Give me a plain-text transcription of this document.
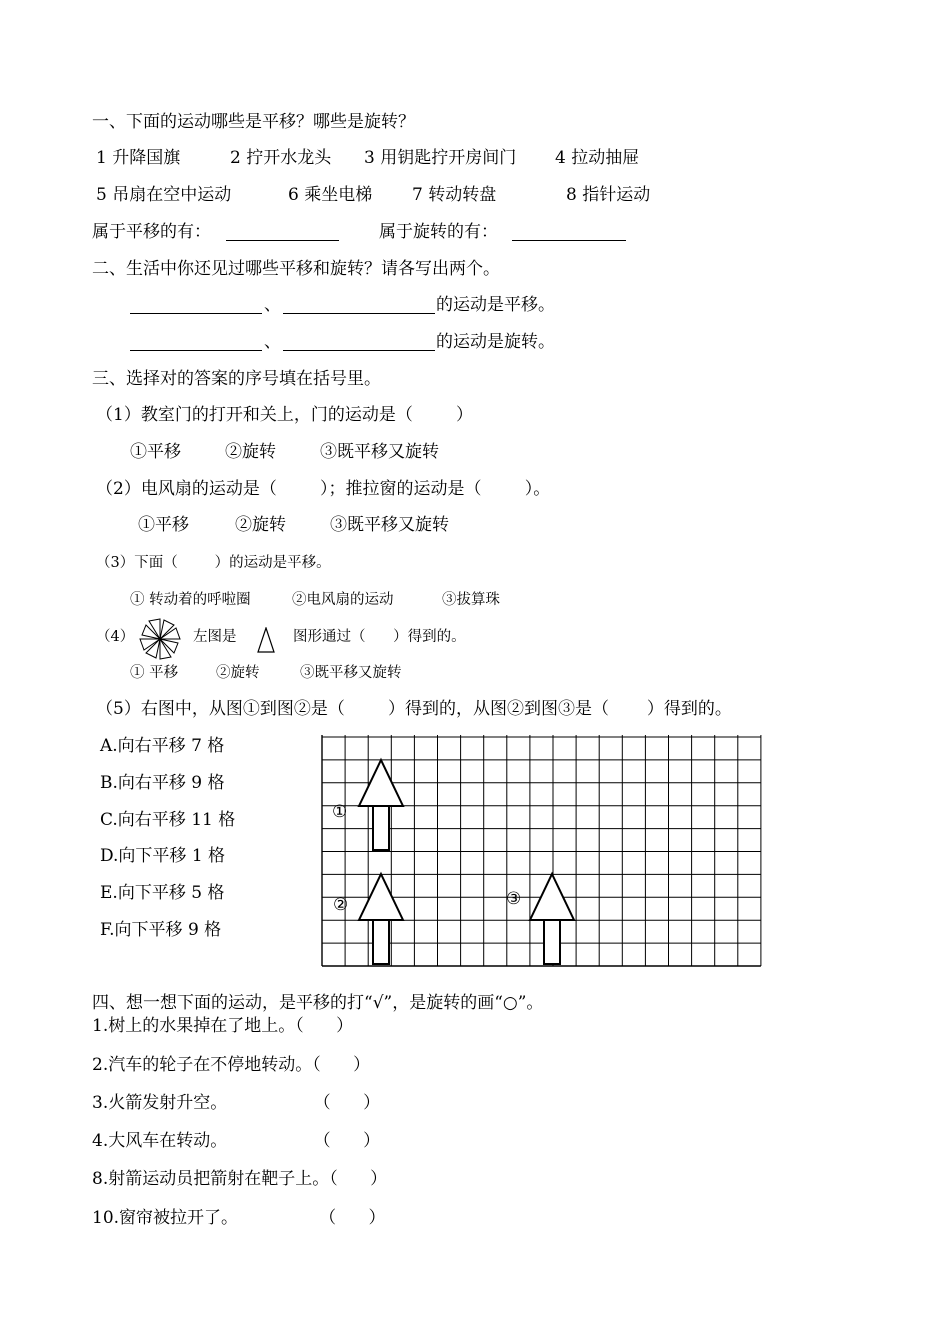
一、下面的运动哪些是平移？哪些是旋转？
1 升降国旗	2 拧开水龙头 3 用钥匙拧开房间门 4 拉动抽屉
5 吊扇在空中运动	6 乘坐电梯 7 转动转盘	8 指针运动
属于平移的有：	属于旋转的有：
二、生活中你还见过哪些平移和旋转？请各写出两个。
、	的运动是平移。
、	的运动是旋转。
三、选择对的答案的序号填在括号里。
（1）教室门的打开和关上，门的运动是（        ）
①平移	②旋转	③既平移又旋转
（2）电风扇的运动是（        ）；推拉窗的运动是（        ）。
①平移	②旋转	③既平移又旋转
（3）下面（        ）的运动是平移。
① 转动着的呼啦圈	②电风扇的运动	③拔算珠
（4）	左图是	图形通过（      ）得到的。
① 平移	②旋转	③既平移又旋转
（5）右图中，从图①到图②是（        ）得到的，从图②到图③是（       ）得到的。
A.向右平移 7 格
B.向右平移 9 格
C.向右平移 11 格
D.向下平移 1 格
E.向下平移 5 格
F.向下平移 9 格
①
②	③
四、想一想下面的运动，是平移的打“√”，是旋转的画“○”。
1.树上的水果掉在了地上。（      ）
2.汽车的轮子在不停地转动。（      ）
3.火箭发射升空。                （      ）
4.大风车在转动。                （      ）
8.射箭运动员把箭射在靶子上。（      ）
10.窗帘被拉开了。               （      ）
